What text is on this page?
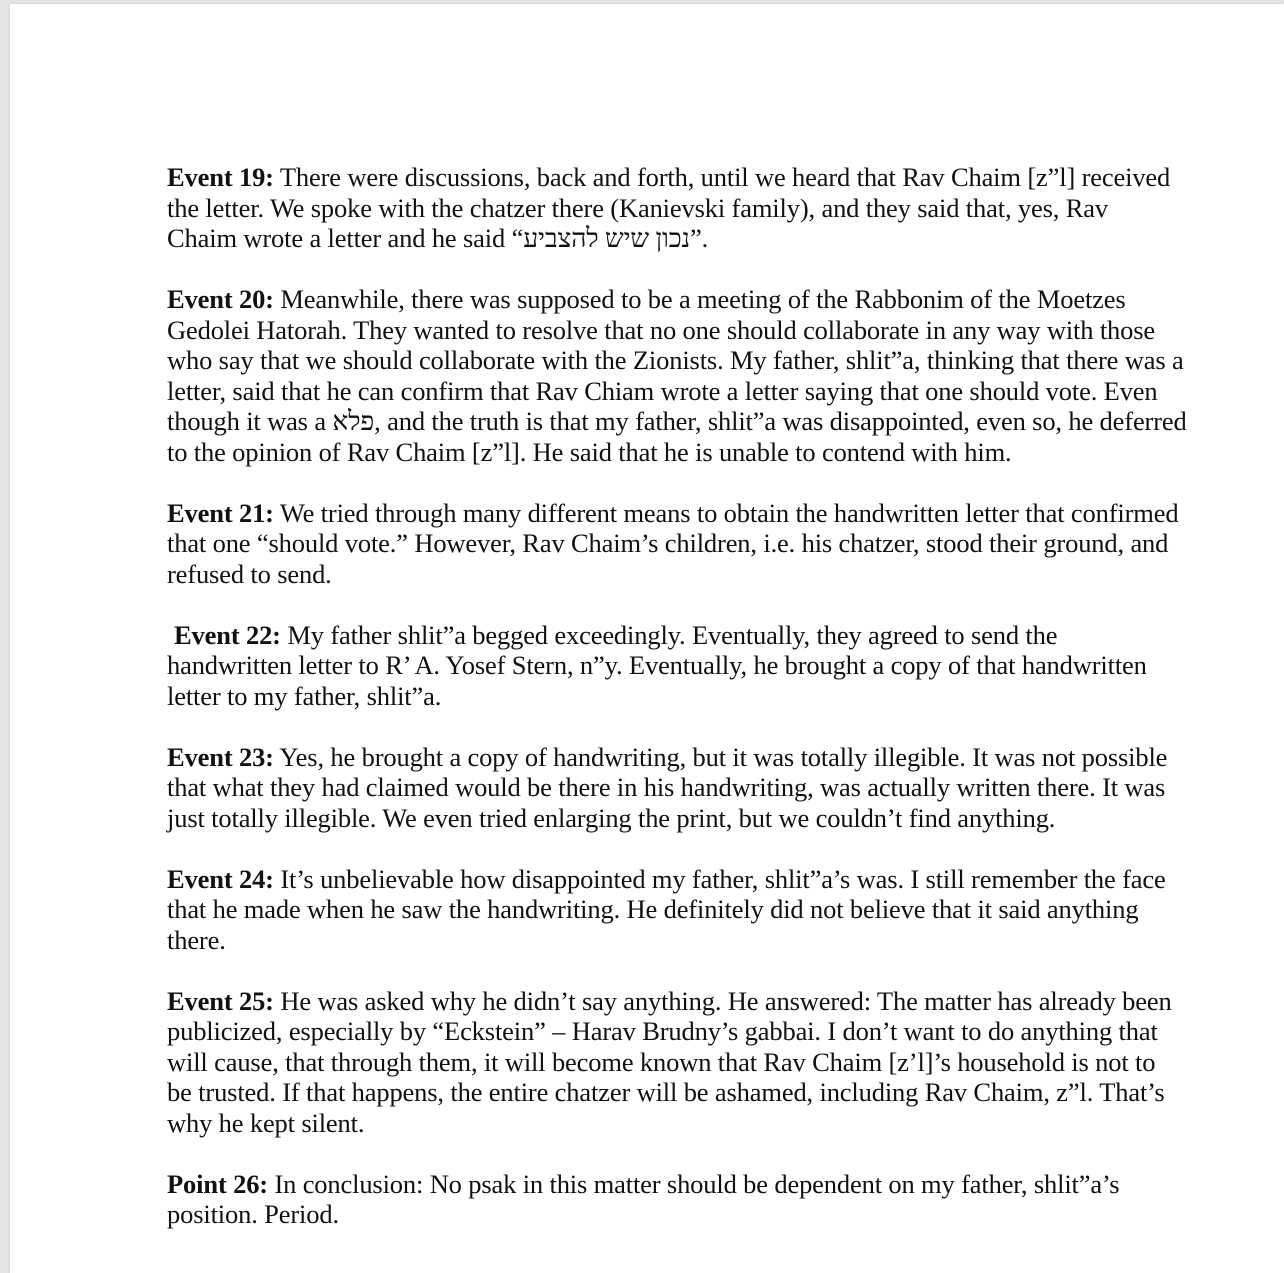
Event 19: There were discussions, back and forth, until we heard that Rav Chaim [z”l] received
the letter. We spoke with the chatzer there (Kanievski family), and they said that, yes, Rav
Chaim wrote a letter and he said “נכון שיש להצביע”.
Event 20: Meanwhile, there was supposed to be a meeting of the Rabbonim of the Moetzes
Gedolei Hatorah. They wanted to resolve that no one should collaborate in any way with those
who say that we should collaborate with the Zionists. My father, shlit”a, thinking that there was a
letter, said that he can confirm that Rav Chiam wrote a letter saying that one should vote. Even
though it was a פלא, and the truth is that my father, shlit”a was disappointed, even so, he deferred
to the opinion of Rav Chaim [z”l]. He said that he is unable to contend with him.
Event 21: We tried through many different means to obtain the handwritten letter that confirmed
that one “should vote.” However, Rav Chaim’s children, i.e. his chatzer, stood their ground, and
refused to send.
Event 22: My father shlit”a begged exceedingly. Eventually, they agreed to send the

handwritten letter to R’ A. Yosef Stern, n”y. Eventually, he brought a copy of that handwritten
letter to my father, shlit”a.
Event 23: Yes, he brought a copy of handwriting, but it was totally illegible. It was not possible
that what they had claimed would be there in his handwriting, was actually written there. It was
just totally illegible. We even tried enlarging the print, but we couldn’t find anything.
Event 24: It’s unbelievable how disappointed my father, shlit”a’s was. I still remember the face
that he made when he saw the handwriting. He definitely did not believe that it said anything
there.
Event 25: He was asked why he didn’t say anything. He answered: The matter has already been
publicized, especially by “Eckstein” – Harav Brudny’s gabbai. I don’t want to do anything that
will cause, that through them, it will become known that Rav Chaim [z’l]’s household is not to
be trusted. If that happens, the entire chatzer will be ashamed, including Rav Chaim, z”l. That’s
why he kept silent.
Point 26: In conclusion: No psak in this matter should be dependent on my father, shlit”a’s
position. Period.
